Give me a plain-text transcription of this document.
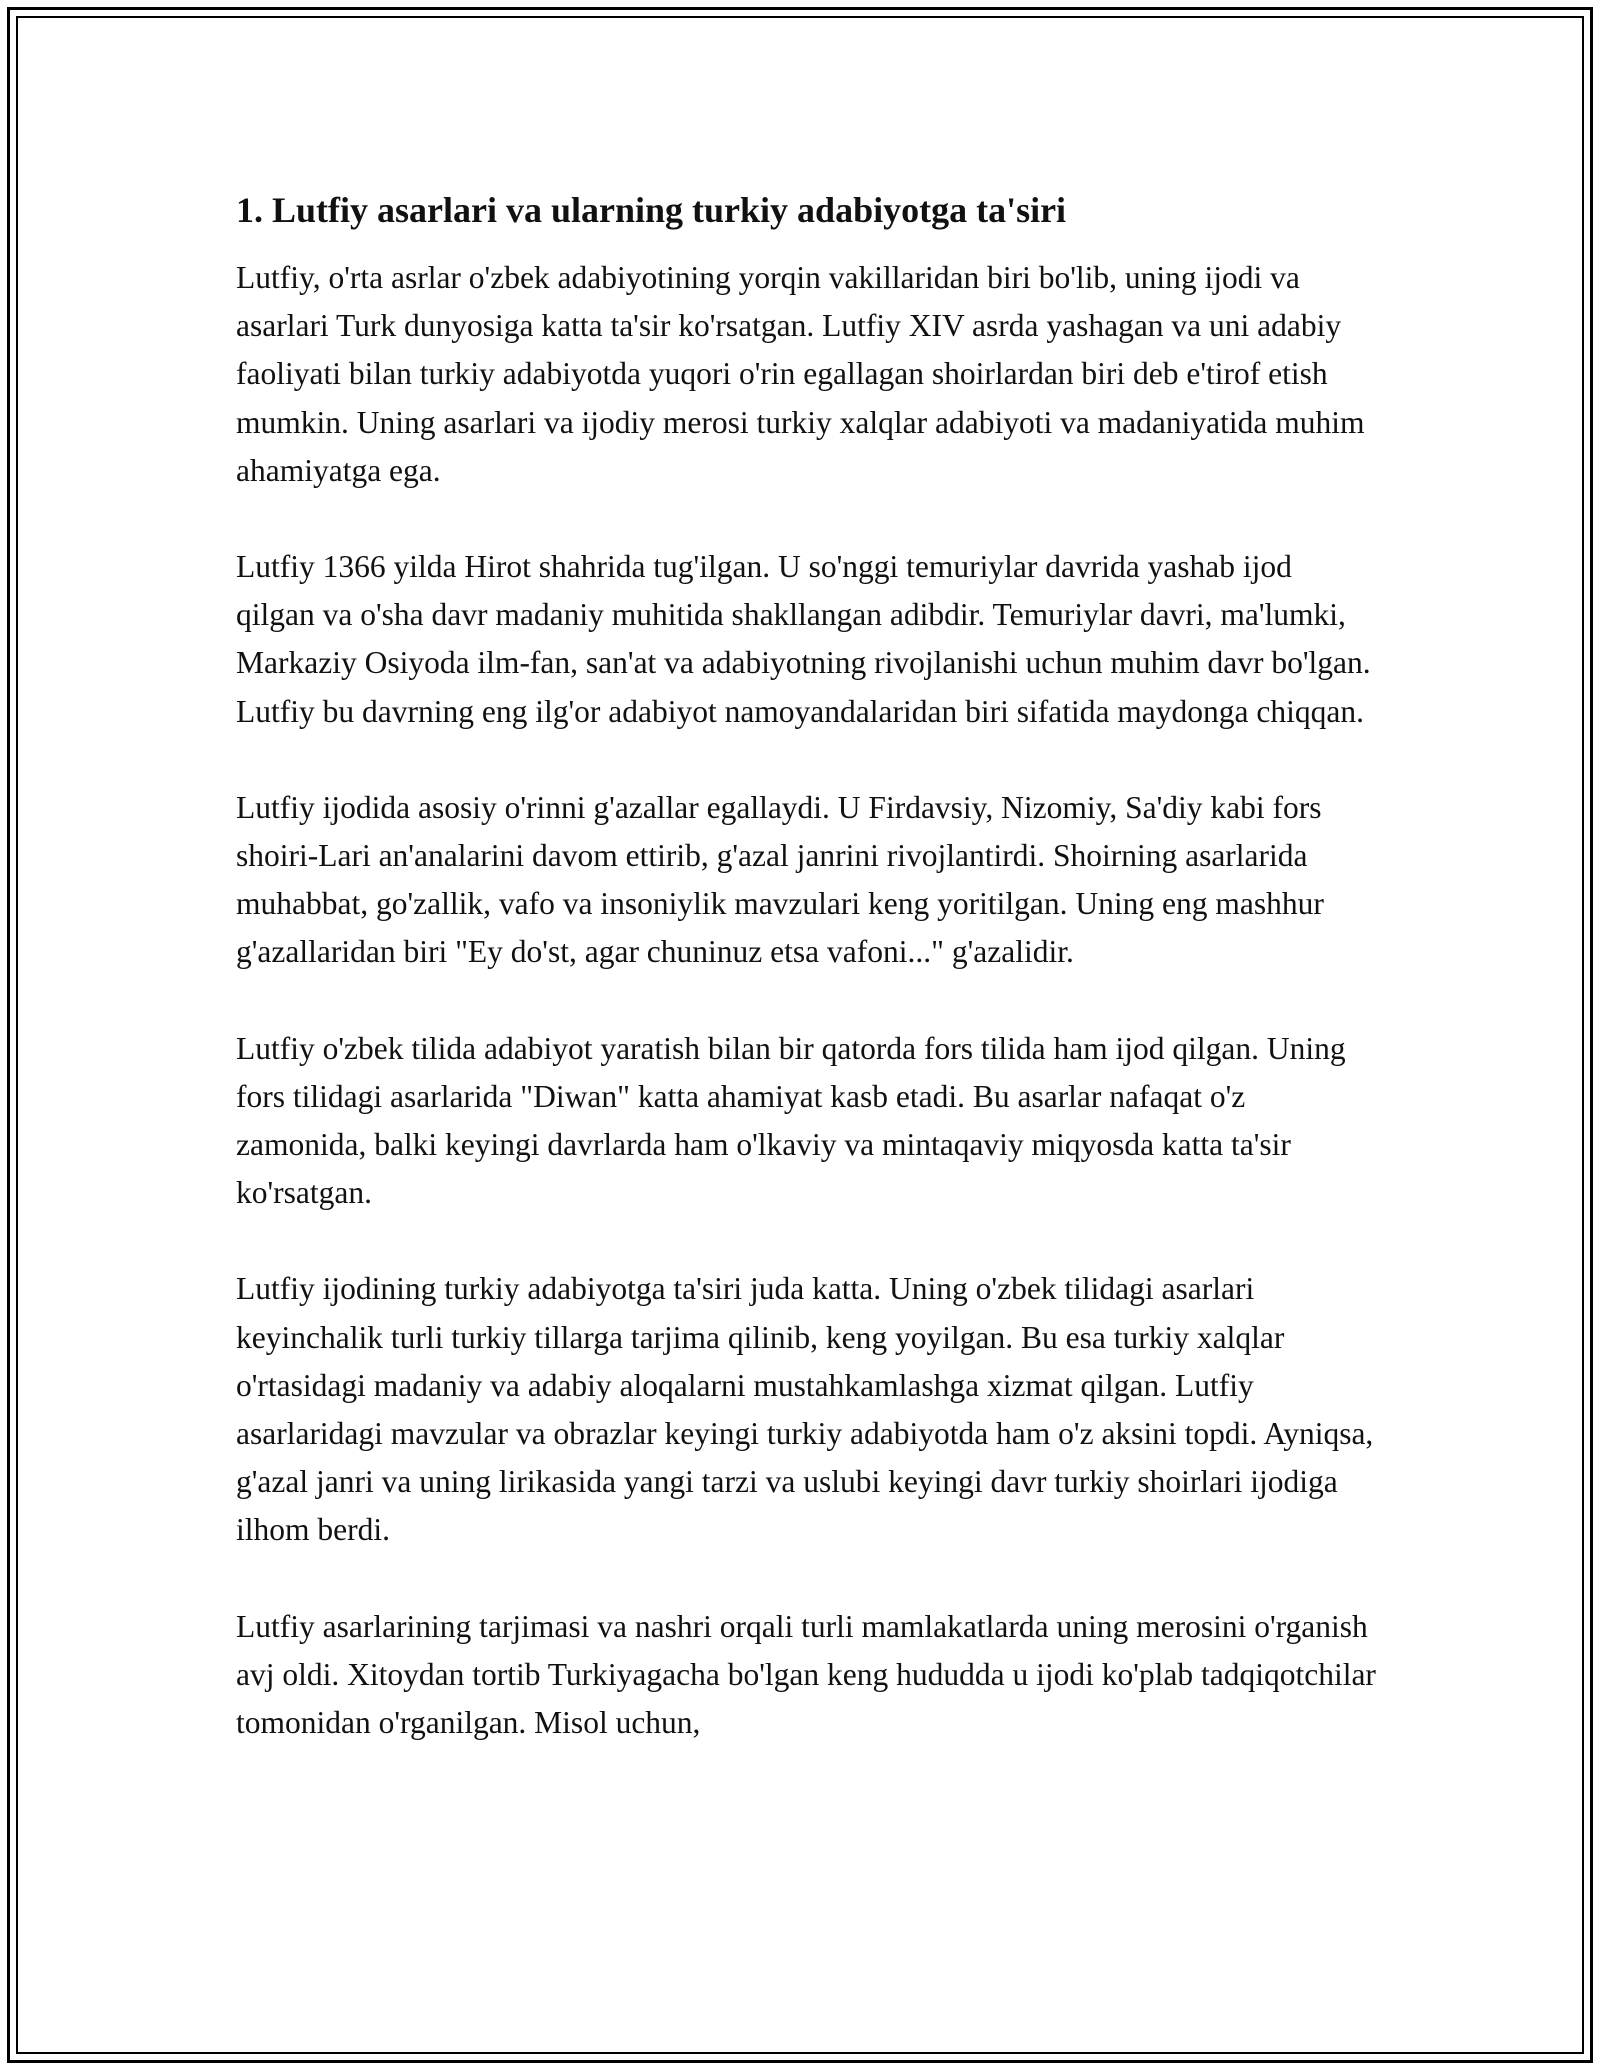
1. Lutfiy asarlari va ularning turkiy adabiyotga ta'siri

Lutfiy, o'rta asrlar o'zbek adabiyotining yorqin vakillaridan biri bo'lib, uning ijodi va asarlari Turk dunyosiga katta ta'sir ko'rsatgan. Lutfiy XIV asrda yashagan va uni adabiy faoliyati bilan turkiy adabiyotda yuqori o'rin egallagan shoirlardan biri deb e'tirof etish mumkin. Uning asarlari va ijodiy merosi turkiy xalqlar adabiyoti va madaniyatida muhim ahamiyatga ega.

Lutfiy 1366 yilda Hirot shahrida tug'ilgan. U so'nggi temuriylar davrida yashab ijod qilgan va o'sha davr madaniy muhitida shakllangan adibdir. Temuriylar davri, ma'lumki, Markaziy Osiyoda ilm-fan, san'at va adabiyotning rivojlanishi uchun muhim davr bo'lgan. Lutfiy bu davrning eng ilg'or adabiyot namoyandalaridan biri sifatida maydonga chiqqan.

Lutfiy ijodida asosiy o'rinni g'azallar egallaydi. U Firdavsiy, Nizomiy, Sa'diy kabi fors shoiri-Lari an'analarini davom ettirib, g'azal janrini rivojlantirdi. Shoirning asarlarida muhabbat, go'zallik, vafo va insoniylik mavzulari keng yoritilgan. Uning eng mashhur g'azallaridan biri "Ey do'st, agar chuninuz etsa vafoni..." g'azalidir.

Lutfiy o'zbek tilida adabiyot yaratish bilan bir qatorda fors tilida ham ijod qilgan. Uning fors tilidagi asarlarida "Diwan" katta ahamiyat kasb etadi. Bu asarlar nafaqat o'z zamonida, balki keyingi davrlarda ham o'lkaviy va mintaqaviy miqyosda katta ta'sir ko'rsatgan.

Lutfiy ijodining turkiy adabiyotga ta'siri juda katta. Uning o'zbek tilidagi asarlari keyinchalik turli turkiy tillarga tarjima qilinib, keng yoyilgan. Bu esa turkiy xalqlar o'rtasidagi madaniy va adabiy aloqalarni mustahkamlashga xizmat qilgan. Lutfiy asarlaridagi mavzular va obrazlar keyingi turkiy adabiyotda ham o'z aksini topdi. Ayniqsa, g'azal janri va uning lirikasida yangi tarzi va uslubi keyingi davr turkiy shoirlari ijodiga ilhom berdi.

Lutfiy asarlarining tarjimasi va nashri orqali turli mamlakatlarda uning merosini o'rganish avj oldi. Xitoydan tortib Turkiyagacha bo'lgan keng hududda u ijodi ko'plab tadqiqotchilar tomonidan o'rganilgan. Misol uchun,
